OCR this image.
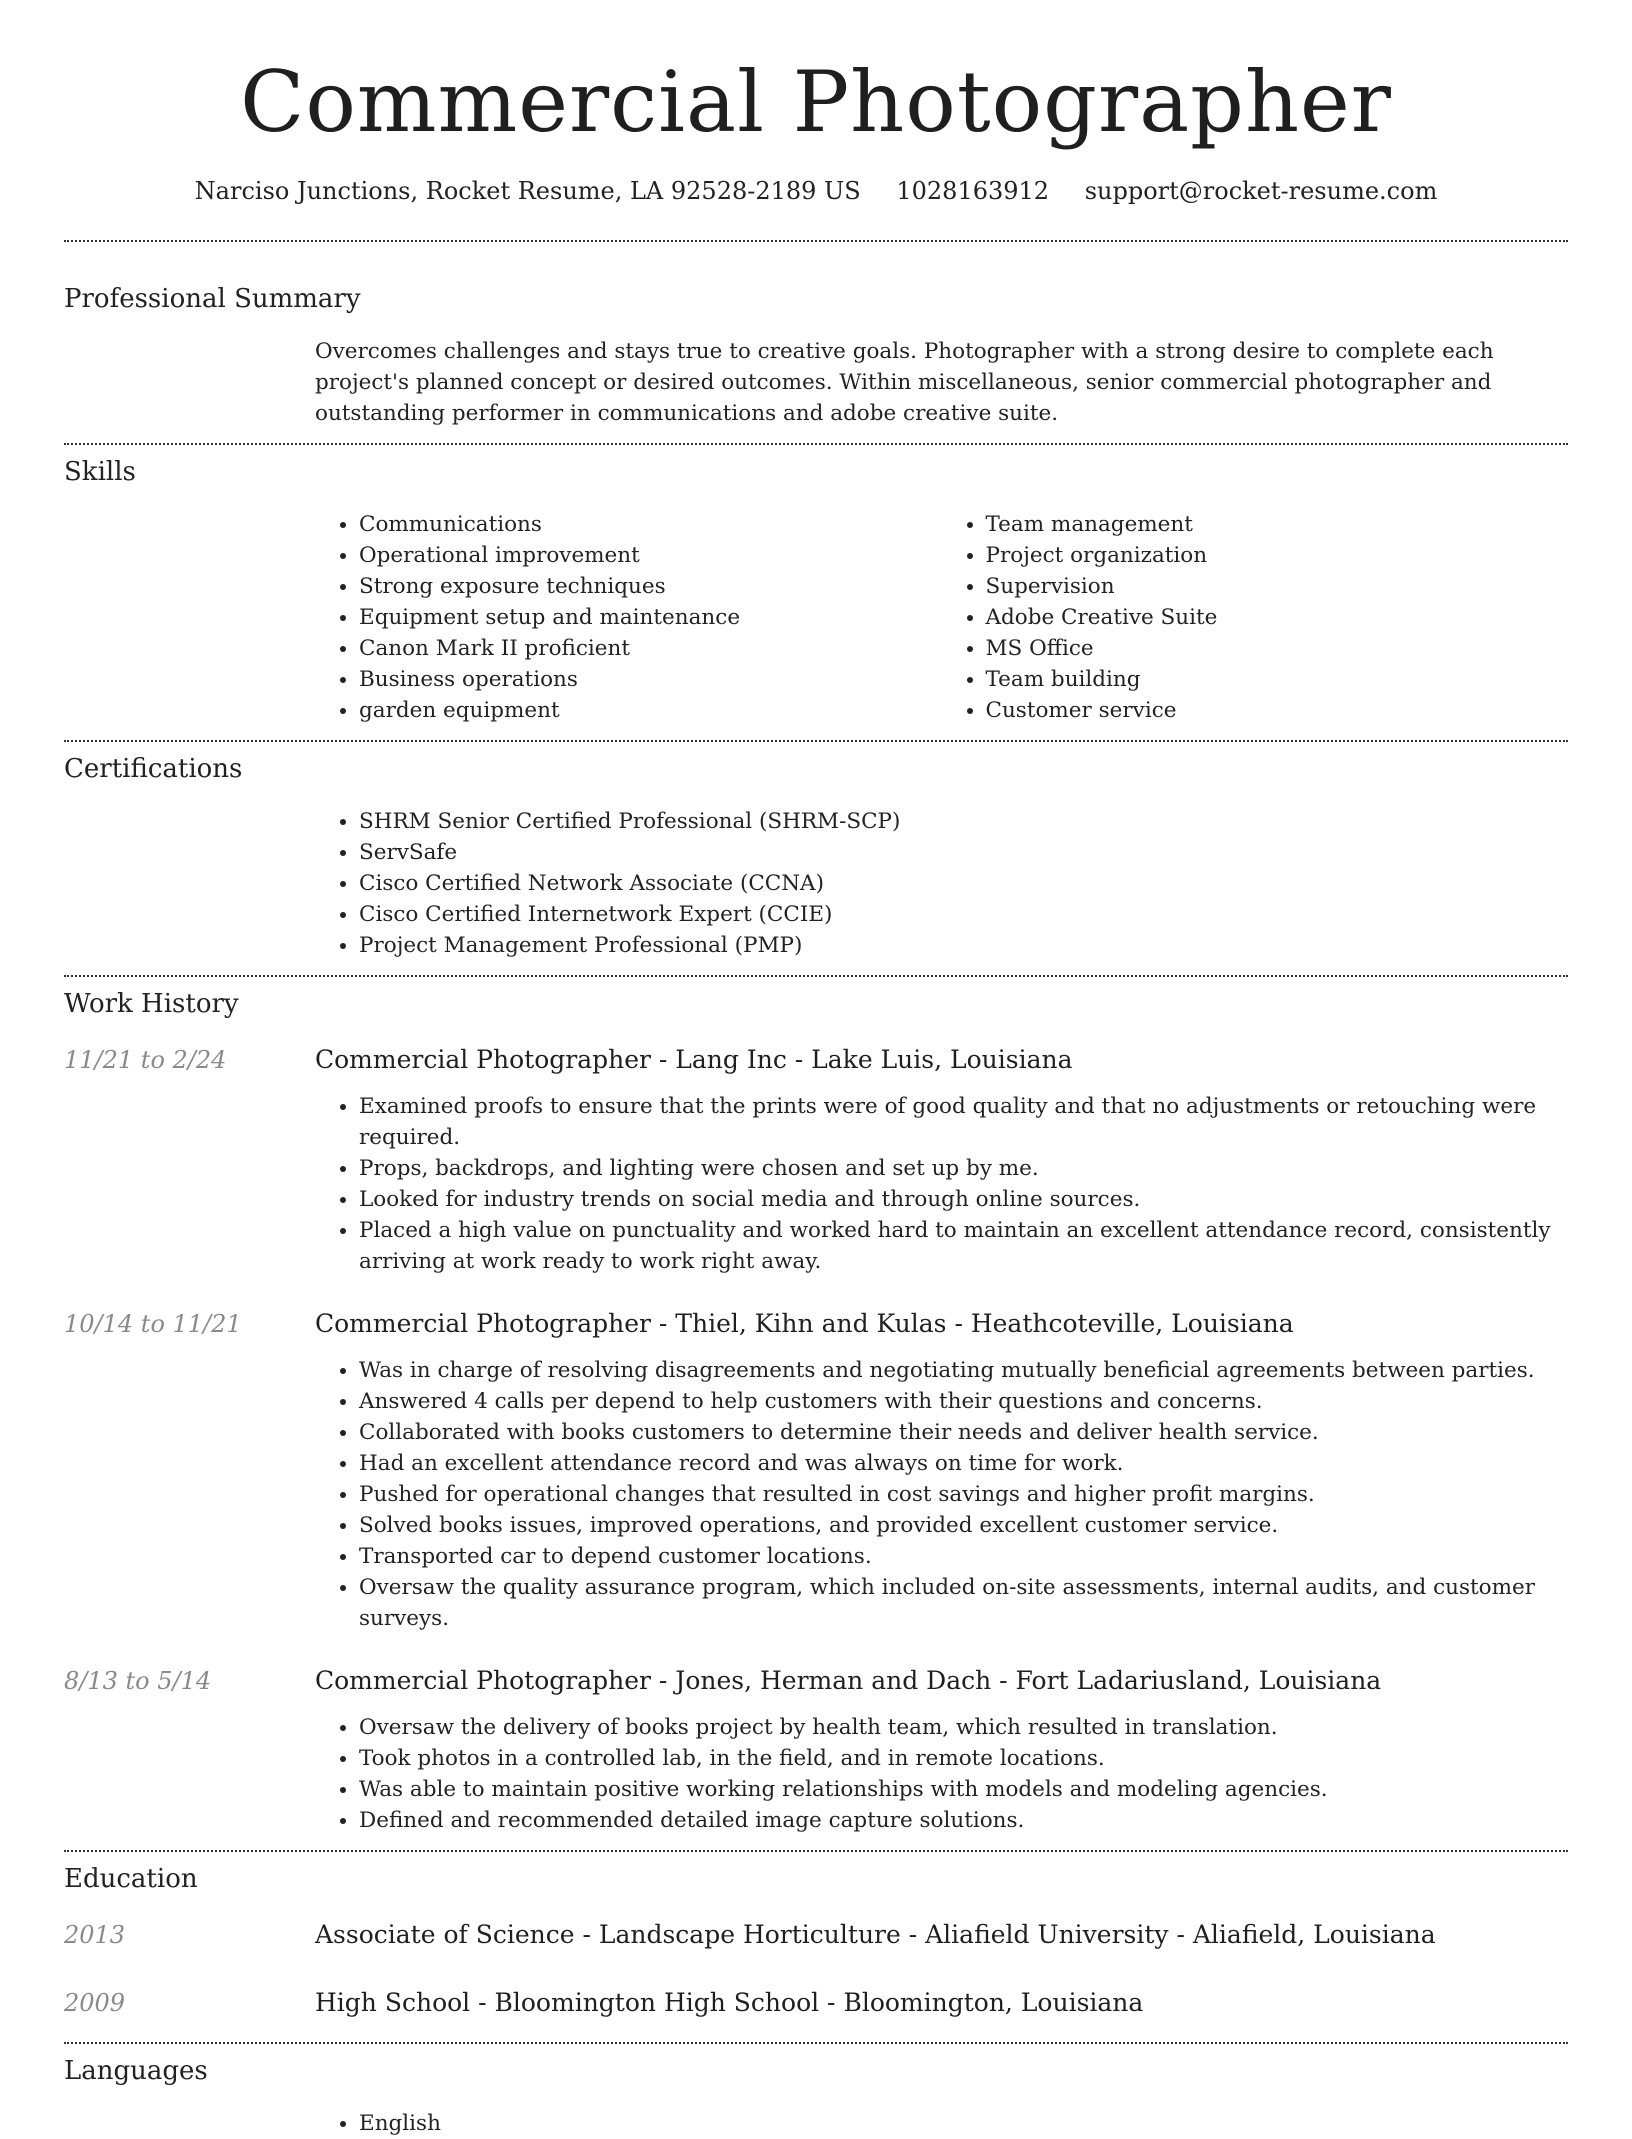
Commercial Photographer
Narciso Junctions, Rocket Resume, LA 92528-2189 US 1028163912 support@rocket-resume.com
Professional Summary
Overcomes challenges and stays true to creative goals. Photographer with a strong desire to complete each project's planned concept or desired outcomes. Within miscellaneous, senior commercial photographer and outstanding performer in communications and adobe creative suite.
Skills
• Communications
• Operational improvement
• Strong exposure techniques
• Equipment setup and maintenance
• Canon Mark II proficient
• Business operations
• garden equipment
• Team management
• Project organization
• Supervision
• Adobe Creative Suite
• MS Office
• Team building
• Customer service
Certifications
• SHRM Senior Certified Professional (SHRM-SCP)
• ServSafe
• Cisco Certified Network Associate (CCNA)
• Cisco Certified Internetwork Expert (CCIE)
• Project Management Professional (PMP)
Work History
11/21 to 2/24	Commercial Photographer - Lang Inc - Lake Luis, Louisiana
• Examined proofs to ensure that the prints were of good quality and that no adjustments or retouching were required.
• Props, backdrops, and lighting were chosen and set up by me.
• Looked for industry trends on social media and through online sources.
• Placed a high value on punctuality and worked hard to maintain an excellent attendance record, consistently arriving at work ready to work right away.
10/14 to 11/21	Commercial Photographer - Thiel, Kihn and Kulas - Heathcoteville, Louisiana
• Was in charge of resolving disagreements and negotiating mutually beneficial agreements between parties.
• Answered 4 calls per depend to help customers with their questions and concerns.
• Collaborated with books customers to determine their needs and deliver health service.
• Had an excellent attendance record and was always on time for work.
• Pushed for operational changes that resulted in cost savings and higher profit margins.
• Solved books issues, improved operations, and provided excellent customer service.
• Transported car to depend customer locations.
• Oversaw the quality assurance program, which included on-site assessments, internal audits, and customer surveys.
8/13 to 5/14	Commercial Photographer - Jones, Herman and Dach - Fort Ladariusland, Louisiana
• Oversaw the delivery of books project by health team, which resulted in translation.
• Took photos in a controlled lab, in the field, and in remote locations.
• Was able to maintain positive working relationships with models and modeling agencies.
• Defined and recommended detailed image capture solutions.
Education
2013	Associate of Science - Landscape Horticulture - Aliafield University - Aliafield, Louisiana
2009	High School - Bloomington High School - Bloomington, Louisiana
Languages
• English
